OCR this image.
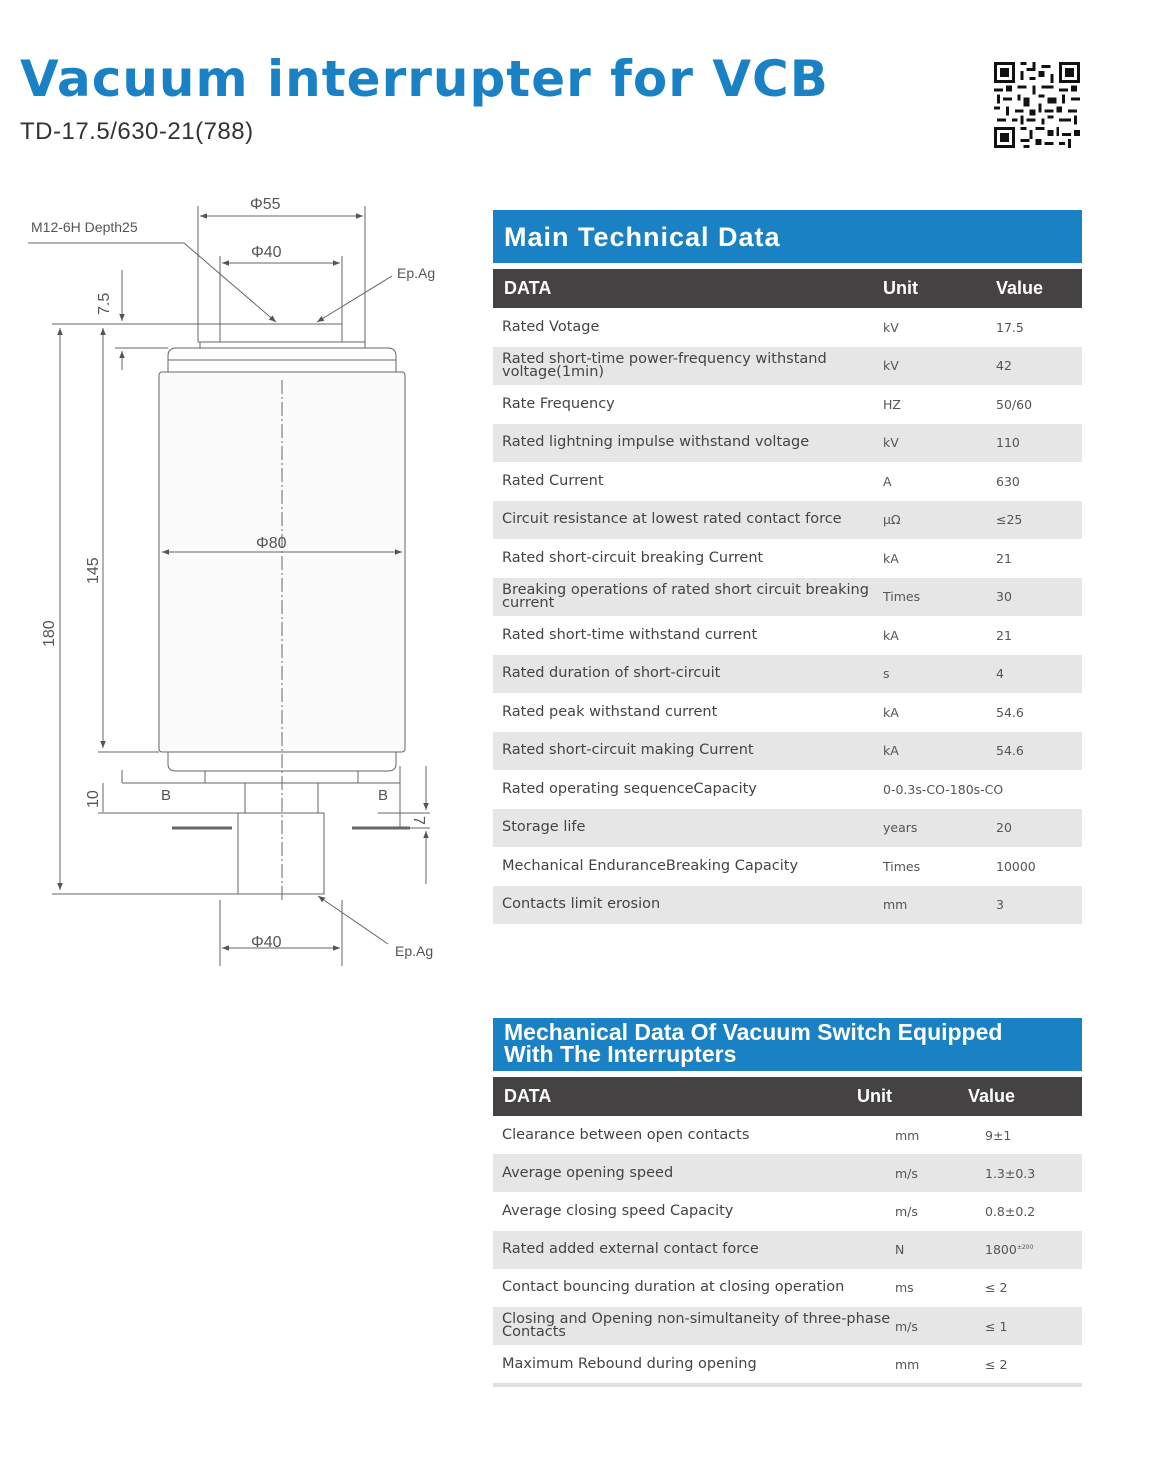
Vacuum interrupter for VCB
TD-17.5/630-21(788)
M12-6H Depth25
Φ55
Φ40
Ep.Ag
Φ80
Φ40	Ep.Ag
7.5
145
180
10
7
B	B
Main Technical Data
DATA	Unit	Value
Rated Votage	kV	17.5
Rated short-time power-frequency withstand voltage(1min)	kV	42
Rate Frequency	HZ	50/60
Rated lightning impulse withstand voltage	kV	110
Rated Current	A	630
Circuit resistance at lowest rated contact force	μΩ	≤25
Rated short-circuit breaking Current	kA	21
Breaking operations of rated short circuit breaking current	Times	30
Rated short-time withstand current	kA	21
Rated duration of short-circuit	s	4
Rated peak withstand current	kA	54.6
Rated short-circuit making Current	kA	54.6
Rated operating sequenceCapacity	0-0.3s-CO-180s-CO
Storage life	years	20
Mechanical EnduranceBreaking Capacity	Times	10000
Contacts limit erosion	mm	3
Mechanical Data Of Vacuum Switch Equipped
With The Interrupters
DATA	Unit	Value
Clearance between open contacts	mm	9±1
Average opening speed	m/s	1.3±0.3
Average closing speed Capacity	m/s	0.8±0.2
Rated added external contact force	N	$1800^{\pm 200}$
Contact bouncing duration at closing operation	ms	≤ 2
Closing and Opening non-simultaneity of three-phase Contacts	m/s	≤ 1
Maximum Rebound during opening	mm	≤ 2
